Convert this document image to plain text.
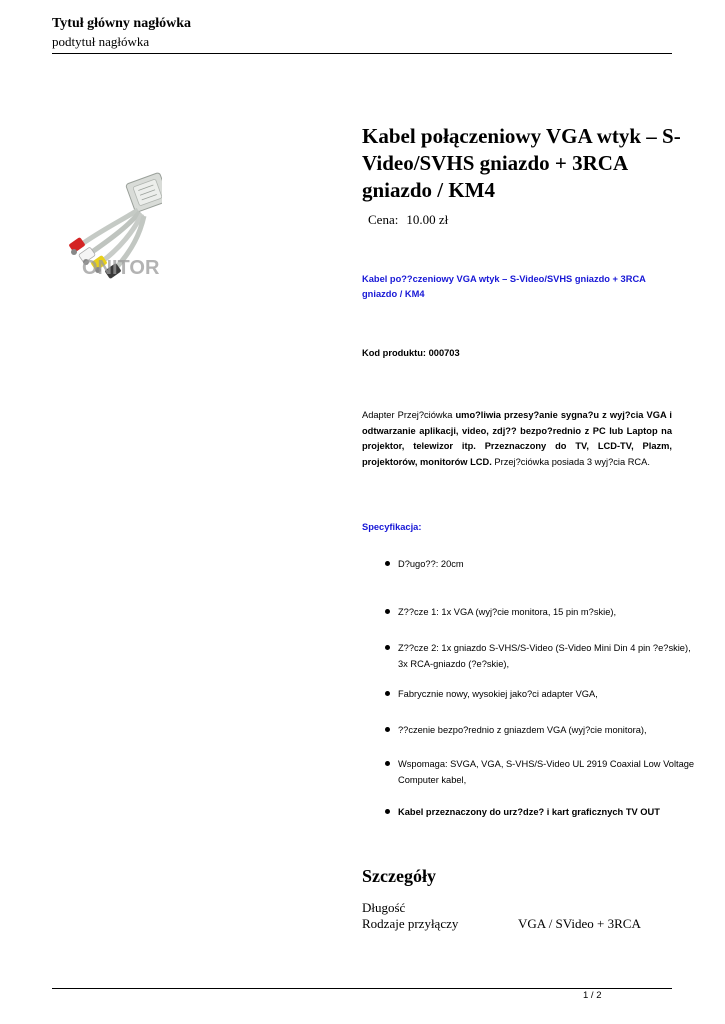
Tytuł główny nagłówka
podtytuł nagłówka
ONITOR
Kabel połączeniowy VGA wtyk – S-Video/SVHS gniazdo + 3RCA gniazdo / KM4
Cena: 10.00 zł
Kabel po??czeniowy VGA wtyk – S-Video/SVHS gniazdo + 3RCA gniazdo / KM4
Kod produktu: 000703
Adapter Przej?ciówka umo?liwia przesy?anie sygna?u z wyj?cia VGA i odtwarzanie aplikacji, video, zdj?? bezpo?rednio z PC lub Laptop na projektor, telewizor itp. Przeznaczony do TV, LCD-TV, Plazm, projektorów, monitorów LCD. Przej?ciówka posiada 3 wyj?cia RCA.
Specyfikacja:
D?ugo??: 20cm
Z??cze 1: 1x VGA (wyj?cie monitora, 15 pin m?skie),
Z??cze 2: 1x gniazdo S-VHS/S-Video (S-Video Mini Din 4 pin ?e?skie), 3x RCA-gniazdo (?e?skie),
Fabrycznie nowy, wysokiej jako?ci adapter VGA,
??czenie bezpo?rednio z gniazdem VGA (wyj?cie monitora),
Wspomaga: SVGA, VGA, S-VHS/S-Video UL 2919 Coaxial Low Voltage Computer kabel,
Kabel przeznaczony do urz?dze? i kart graficznych TV OUT
Szczegóły
Długość
Rodzaje przyłączy	VGA / SVideo + 3RCA
1 / 2
